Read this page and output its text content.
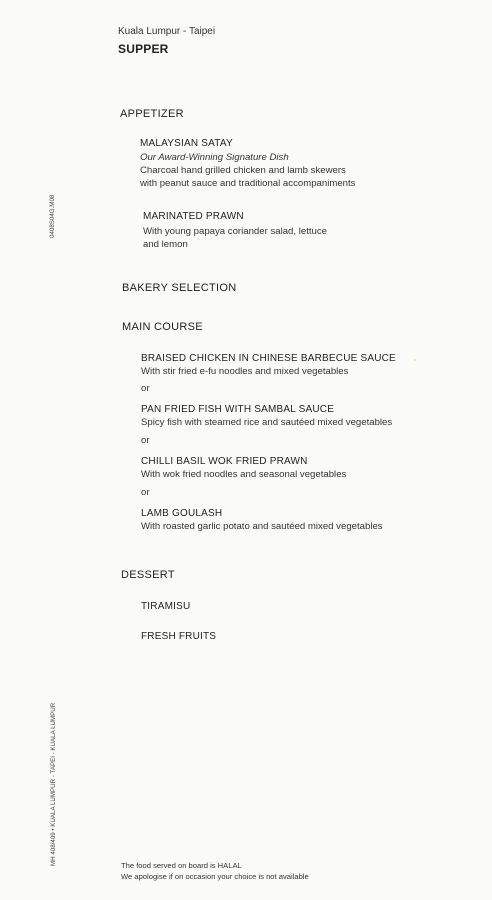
Kuala Lumpur - Taipei
SUPPER
APPETIZER
MALAYSIAN SATAY
Our Award-Winning Signature Dish
Charcoal hand grilled chicken and lamb skewers
with peanut sauce and traditional accompaniments
MARINATED PRAWN
With young papaya coriander salad, lettuce
and lemon
BAKERY SELECTION
MAIN COURSE
BRAISED CHICKEN IN CHINESE BARBECUE SAUCE
With stir fried e-fu noodles and mixed vegetables
or
PAN FRIED FISH WITH SAMBAL SAUCE
Spicy fish with steamed rice and sautéed mixed vegetables
or
CHILLI BASIL WOK FRIED PRAWN
With wok fried noodles and seasonal vegetables
or
LAMB GOULASH
With roasted garlic potato and sautéed mixed vegetables
DESSERT
TIRAMISU
FRESH FRUITS
The food served on board is HALAL
We apologise if on occasion your choice is not available
0408S04G.M08
MH 408/409 • KUALA LUMPUR - TAPEI - KUALA LUMPUR
